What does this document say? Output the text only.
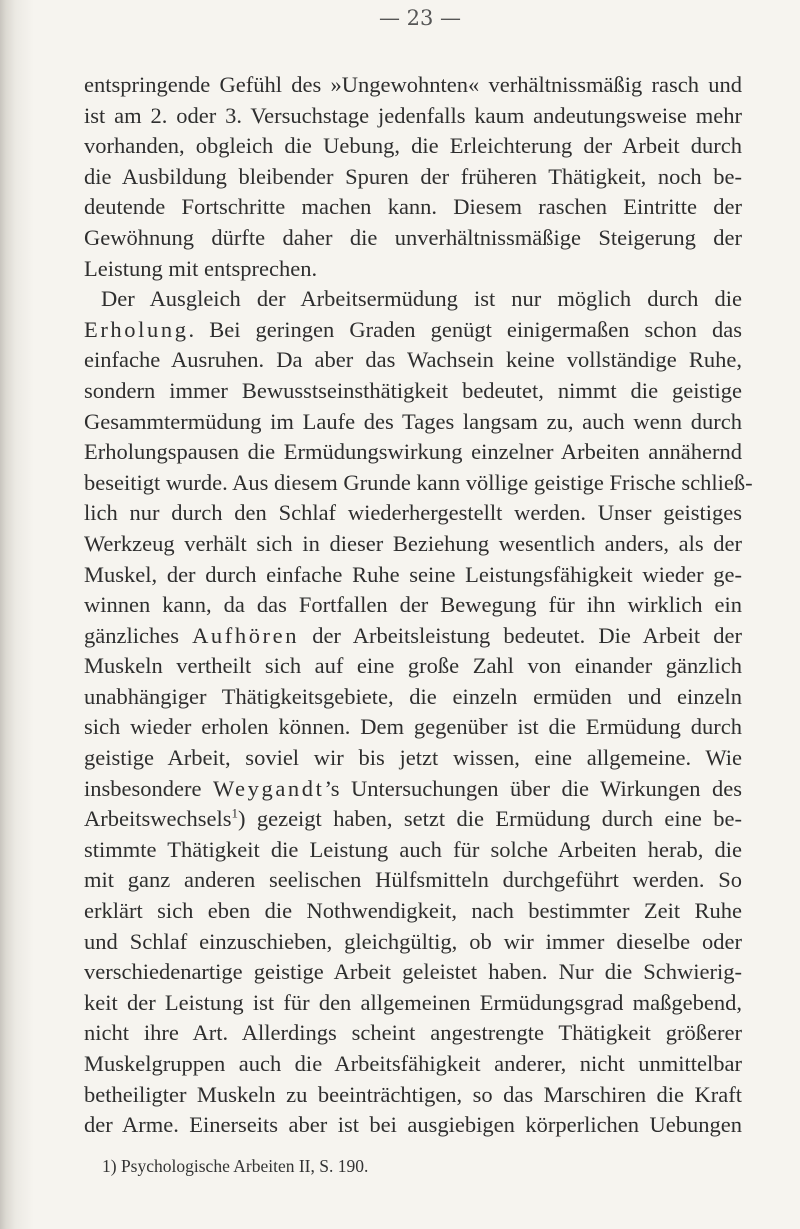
— 23 —
entspringende Gefühl des »Ungewohnten« verhältnissmäßig rasch und
ist am 2. oder 3. Versuchstage jedenfalls kaum andeutungsweise mehr
vorhanden, obgleich die Uebung, die Erleichterung der Arbeit durch
die Ausbildung bleibender Spuren der früheren Thätigkeit, noch be-
deutende Fortschritte machen kann. Diesem raschen Eintritte der
Gewöhnung dürfte daher die unverhältnissmäßige Steigerung der
Leistung mit entsprechen.
Der Ausgleich der Arbeitsermüdung ist nur möglich durch die
Erholung. Bei geringen Graden genügt einigermaßen schon das
einfache Ausruhen. Da aber das Wachsein keine vollständige Ruhe,
sondern immer Bewusstseinsthätigkeit bedeutet, nimmt die geistige
Gesammtermüdung im Laufe des Tages langsam zu, auch wenn durch
Erholungspausen die Ermüdungswirkung einzelner Arbeiten annähernd
beseitigt wurde. Aus diesem Grunde kann völlige geistige Frische schließ-
lich nur durch den Schlaf wiederhergestellt werden. Unser geistiges
Werkzeug verhält sich in dieser Beziehung wesentlich anders, als der
Muskel, der durch einfache Ruhe seine Leistungsfähigkeit wieder ge-
winnen kann, da das Fortfallen der Bewegung für ihn wirklich ein
gänzliches Aufhören der Arbeitsleistung bedeutet. Die Arbeit der
Muskeln vertheilt sich auf eine große Zahl von einander gänzlich
unabhängiger Thätigkeitsgebiete, die einzeln ermüden und einzeln
sich wieder erholen können. Dem gegenüber ist die Ermüdung durch
geistige Arbeit, soviel wir bis jetzt wissen, eine allgemeine. Wie
insbesondere Weygandt’s Untersuchungen über die Wirkungen des
Arbeitswechsels$^1$) gezeigt haben, setzt die Ermüdung durch eine be-
stimmte Thätigkeit die Leistung auch für solche Arbeiten herab, die
mit ganz anderen seelischen Hülfsmitteln durchgeführt werden. So
erklärt sich eben die Nothwendigkeit, nach bestimmter Zeit Ruhe
und Schlaf einzuschieben, gleichgültig, ob wir immer dieselbe oder
verschiedenartige geistige Arbeit geleistet haben. Nur die Schwierig-
keit der Leistung ist für den allgemeinen Ermüdungsgrad maßgebend,
nicht ihre Art. Allerdings scheint angestrengte Thätigkeit größerer
Muskelgruppen auch die Arbeitsfähigkeit anderer, nicht unmittelbar
betheiligter Muskeln zu beeinträchtigen, so das Marschiren die Kraft
der Arme. Einerseits aber ist bei ausgiebigen körperlichen Uebungen
1) Psychologische Arbeiten II, S. 190.
